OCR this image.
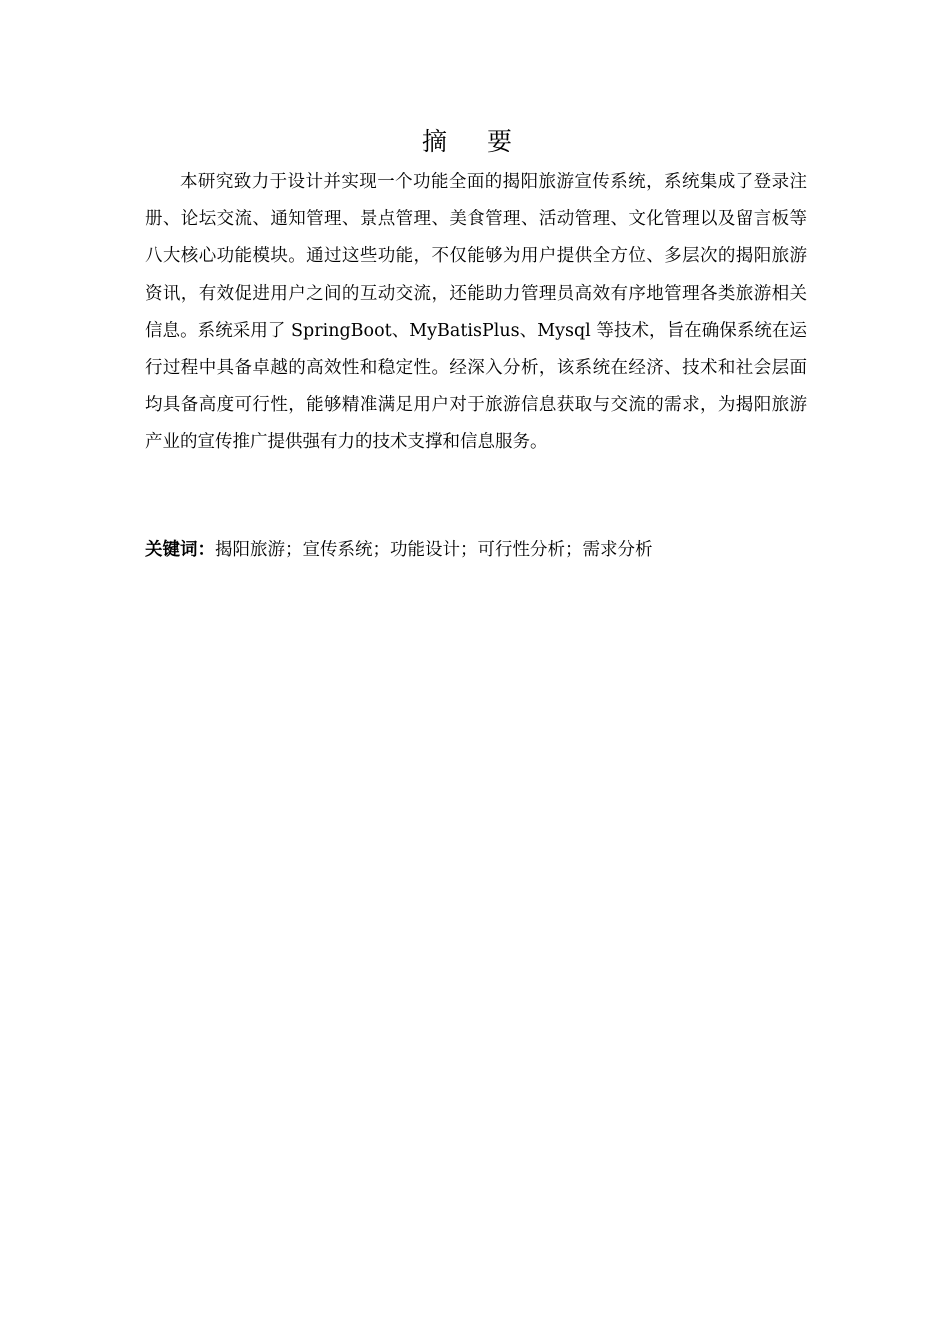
摘 要

本研究致力于设计并实现一个功能全面的揭阳旅游宣传系统，系统集成了登录注册、论坛交流、通知管理、景点管理、美食管理、活动管理、文化管理以及留言板等八大核心功能模块。通过这些功能，不仅能够为用户提供全方位、多层次的揭阳旅游资讯，有效促进用户之间的互动交流，还能助力管理员高效有序地管理各类旅游相关信息。系统采用了 SpringBoot、MyBatisPlus、Mysql 等技术，旨在确保系统在运行过程中具备卓越的高效性和稳定性。经深入分析，该系统在经济、技术和社会层面均具备高度可行性，能够精准满足用户对于旅游信息获取与交流的需求，为揭阳旅游产业的宣传推广提供强有力的技术支撑和信息服务。

关键词：揭阳旅游；宣传系统；功能设计；可行性分析；需求分析
